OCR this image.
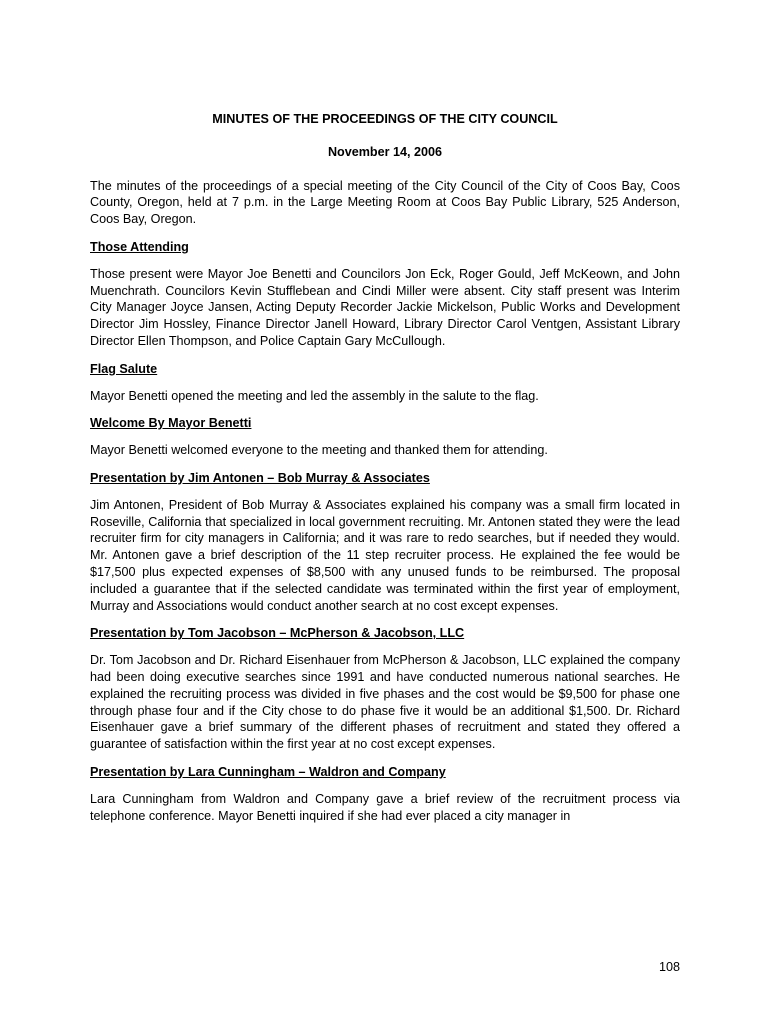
MINUTES OF THE PROCEEDINGS OF THE CITY COUNCIL
November 14, 2006
The minutes of the proceedings of a special meeting of the City Council of the City of Coos Bay, Coos County, Oregon, held at 7 p.m. in the Large Meeting Room at Coos Bay Public Library, 525 Anderson, Coos Bay, Oregon.
Those Attending
Those present were Mayor Joe Benetti and Councilors Jon Eck, Roger Gould, Jeff McKeown, and John Muenchrath. Councilors Kevin Stufflebean and Cindi Miller were absent. City staff present was Interim City Manager Joyce Jansen, Acting Deputy Recorder Jackie Mickelson, Public Works and Development Director Jim Hossley, Finance Director Janell Howard, Library Director Carol Ventgen, Assistant Library Director Ellen Thompson, and Police Captain Gary McCullough.
Flag Salute
Mayor Benetti opened the meeting and led the assembly in the salute to the flag.
Welcome By Mayor Benetti
Mayor Benetti welcomed everyone to the meeting and thanked them for attending.
Presentation by Jim Antonen – Bob Murray & Associates
Jim Antonen, President of Bob Murray & Associates explained his company was a small firm located in Roseville, California that specialized in local government recruiting. Mr. Antonen stated they were the lead recruiter firm for city managers in California; and it was rare to redo searches, but if needed they would. Mr. Antonen gave a brief description of the 11 step recruiter process. He explained the fee would be $17,500 plus expected expenses of $8,500 with any unused funds to be reimbursed. The proposal included a guarantee that if the selected candidate was terminated within the first year of employment, Murray and Associations would conduct another search at no cost except expenses.
Presentation by Tom Jacobson – McPherson & Jacobson, LLC
Dr. Tom Jacobson and Dr. Richard Eisenhauer from McPherson & Jacobson, LLC explained the company had been doing executive searches since 1991 and have conducted numerous national searches. He explained the recruiting process was divided in five phases and the cost would be $9,500 for phase one through phase four and if the City chose to do phase five it would be an additional $1,500. Dr. Richard Eisenhauer gave a brief summary of the different phases of recruitment and stated they offered a guarantee of satisfaction within the first year at no cost except expenses.
Presentation by Lara Cunningham – Waldron and Company
Lara Cunningham from Waldron and Company gave a brief review of the recruitment process via telephone conference. Mayor Benetti inquired if she had ever placed a city manager in
108
